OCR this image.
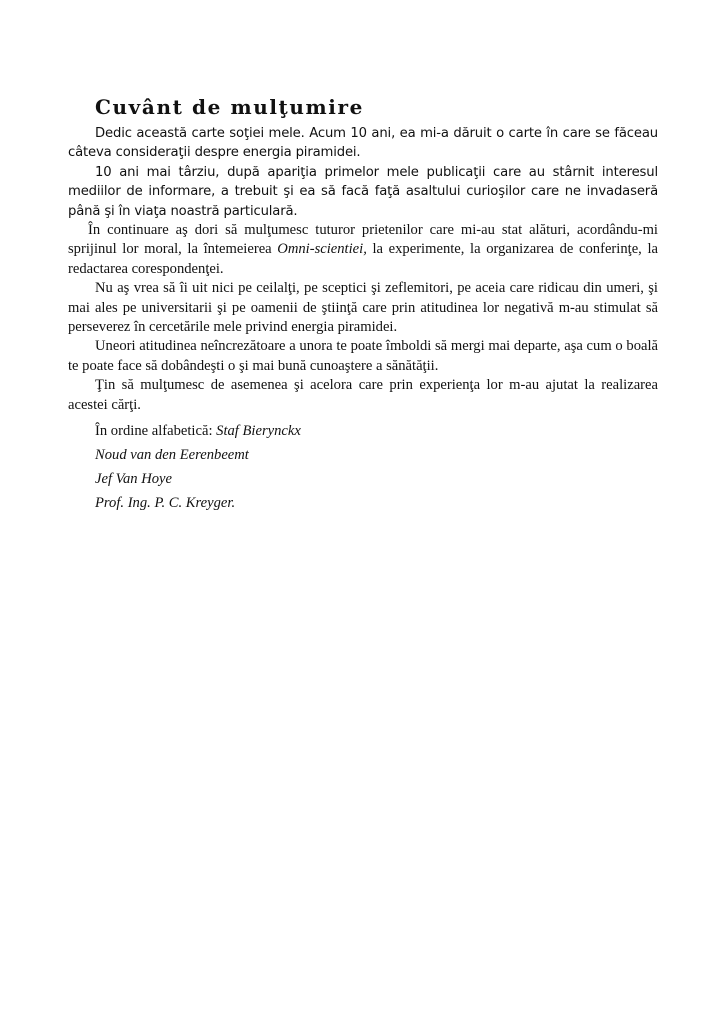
Cuvânt de mulţumire

Dedic această carte soţiei mele. Acum 10 ani, ea mi-a dăruit o carte în care se făceau câteva consideraţii despre energia piramidei.

10 ani mai târziu, după apariţia primelor mele publicaţii care au stârnit interesul mediilor de informare, a trebuit şi ea să facă faţă asaltului curioşilor care ne invadaseră până şi în viaţa noastră particulară.

În continuare aş dori să mulţumesc tuturor prietenilor care mi-au stat alături, acordându-mi sprijinul lor moral, la întemeierea Omni-scientiei, la experimente, la organizarea de conferinţe, la redactarea corespondenţei.

Nu aş vrea să îi uit nici pe ceilalţi, pe sceptici şi zeflemitori, pe aceia care ridicau din umeri, şi mai ales pe universitarii şi pe oamenii de ştiinţă care prin atitudinea lor negativă m-au stimulat să perseverez în cercetările mele privind energia piramidei.

Uneori atitudinea neîncrezătoare a unora te poate îmboldi să mergi mai departe, aşa cum o boală te poate face să dobândeşti o şi mai bună cunoaştere a sănătăţii.

Ţin să mulţumesc de asemenea şi acelora care prin experienţa lor m-au ajutat la realizarea acestei cărţi.

În ordine alfabetică: Staf Bierynckx
Noud van den Eerenbeemt
Jef Van Hoye
Prof. Ing. P. C. Kreyger.
